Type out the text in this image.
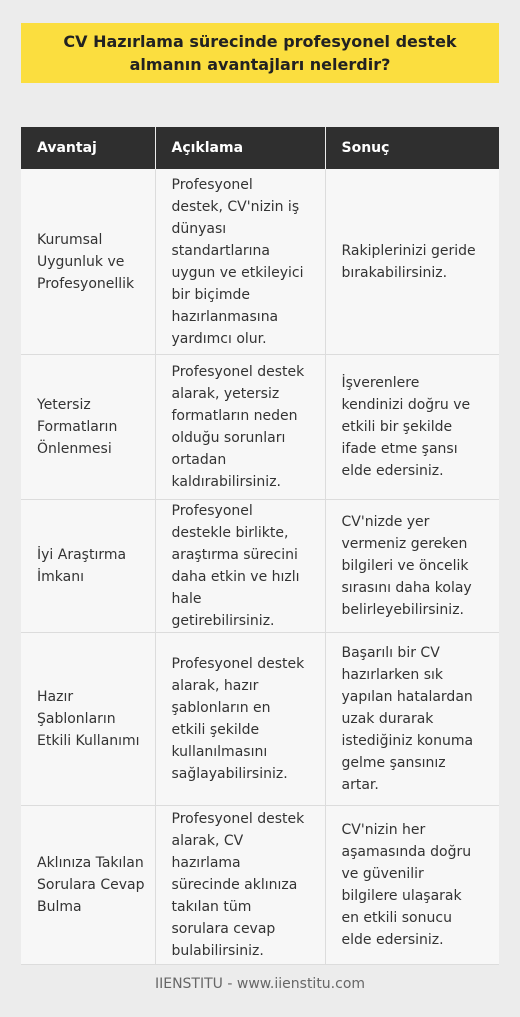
CV Hazırlama sürecinde profesyonel destek almanın avantajları nelerdir?
Avantaj	Açıklama	Sonuç
Kurumsal Uygunluk ve Profesyonellik	Profesyonel destek, CV'nizin iş dünyası standartlarına uygun ve etkileyici bir biçimde hazırlanmasına yardımcı olur.	Rakiplerinizi geride bırakabilirsiniz.
Yetersiz Formatların Önlenmesi	Profesyonel destek alarak, yetersiz formatların neden olduğu sorunları ortadan kaldırabilirsiniz.	İşverenlere kendinizi doğru ve etkili bir şekilde ifade etme şansı elde edersiniz.
İyi Araştırma İmkanı	Profesyonel destekle birlikte, araştırma sürecini daha etkin ve hızlı hale getirebilirsiniz.	CV'nizde yer vermeniz gereken bilgileri ve öncelik sırasını daha kolay belirleyebilirsiniz.
Hazır Şablonların Etkili Kullanımı	Profesyonel destek alarak, hazır şablonların en etkili şekilde kullanılmasını sağlayabilirsiniz.	Başarılı bir CV hazırlarken sık yapılan hatalardan uzak durarak istediğiniz konuma gelme şansınız artar.
Aklınıza Takılan Sorulara Cevap Bulma	Profesyonel destek alarak, CV hazırlama sürecinde aklınıza takılan tüm sorulara cevap bulabilirsiniz.	CV'nizin her aşamasında doğru ve güvenilir bilgilere ulaşarak en etkili sonucu elde edersiniz.
IIENSTITU - www.iienstitu.com
